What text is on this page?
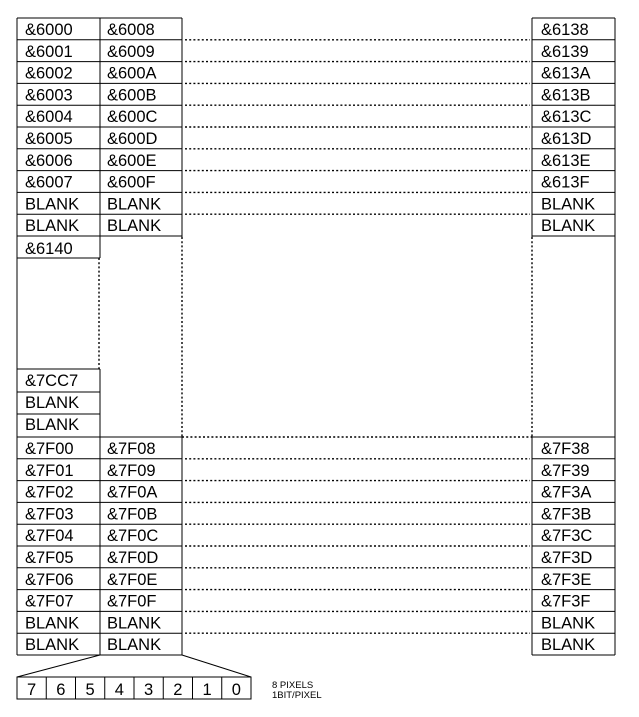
&6000 &6008	&6138
&6001 &6009	&6139
&6002 &600A	&613A
&6003 &600B	&613B
&6004 &600C	&613C
&6005 &600D	&613D
&6006 &600E	&613E
&6007 &600F	&613F
BLANK BLANK	BLANK
BLANK BLANK	BLANK
&6140
&7CC7
BLANK
BLANK
&7F00 &7F08	&7F38
&7F01 &7F09	&7F39
&7F02 &7F0A	&7F3A
&7F03 &7F0B	&7F3B
&7F04 &7F0C	&7F3C
&7F05 &7F0D	&7F3D
&7F06 &7F0E	&7F3E
&7F07 &7F0F	&7F3F
BLANK BLANK	BLANK
BLANK BLANK	BLANK
7 6 5 4 3 2 1 0	8 PIXELS
1BIT/PIXEL
